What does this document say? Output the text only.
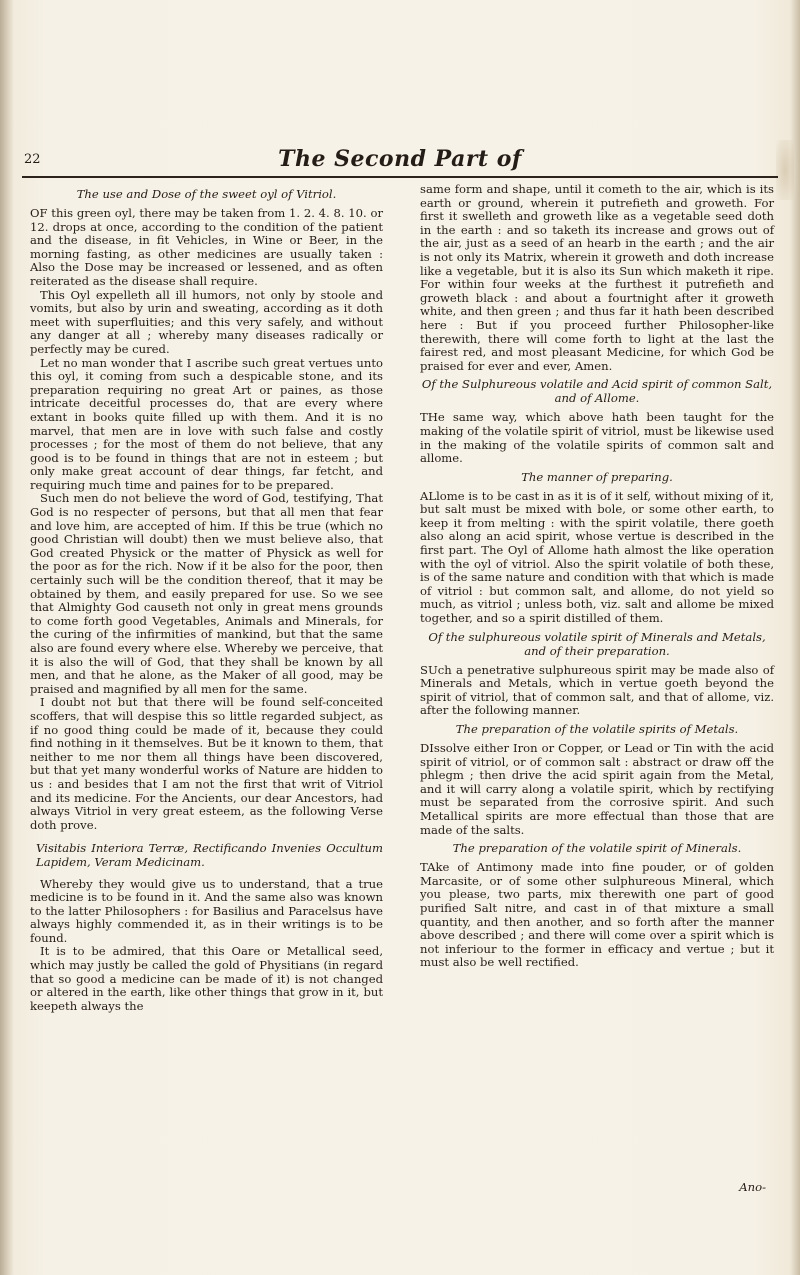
22	The Second Part of
The use and Dose of the sweet oyl of Vitriol.

OF this green oyl, there may be taken from 1. 2. 4. 8. 10. or 12. drops at once, according to the condition of the patient and the disease, in fit Vehicles, in Wine or Beer, in the morning fasting, as other medicines are usually taken : Also the Dose may be increased or lessened, and as often reiterated as the disease shall require.

This Oyl expelleth all ill humors, not only by stoole and vomits, but also by urin and sweating, according as it doth meet with superfluities; and this very safely, and without any danger at all ; whereby many diseases radically or perfectly may be cured.

Let no man wonder that I ascribe such great vertues unto this oyl, it coming from such a despicable stone, and its preparation requiring no great Art or paines, as those intricate deceitful processes do, that are every where extant in books quite filled up with them. And it is no marvel, that men are in love with such false and costly processes ; for the most of them do not believe, that any good is to be found in things that are not in esteem ; but only make great account of dear things, far fetcht, and requiring much time and paines for to be prepared.

Such men do not believe the word of God, testifying, That God is no respecter of persons, but that all men that fear and love him, are accepted of him. If this be true (which no good Christian will doubt) then we must believe also, that God created Physick or the matter of Physick as well for the poor as for the rich. Now if it be also for the poor, then certainly such will be the condition thereof, that it may be obtained by them, and easily prepared for use. So we see that Almighty God causeth not only in great mens grounds to come forth good Vegetables, Animals and Minerals, for the curing of the infirmities of mankind, but that the same also are found every where else. Whereby we perceive, that it is also the will of God, that they shall be known by all men, and that he alone, as the Maker of all good, may be praised and magnified by all men for the same.

I doubt not but that there will be found self-conceited scoffers, that will despise this so little regarded subject, as if no good thing could be made of it, because they could find nothing in it themselves. But be it known to them, that neither to me nor them all things have been discovered, but that yet many wonderful works of Nature are hidden to us : and besides that I am not the first that writ of Vitriol and its medicine. For the Ancients, our dear Ancestors, had always Vitriol in very great esteem, as the following Verse doth prove.

Visitabis Interiora Terræ, Rectificando Invenies Occultum Lapidem, Veram Medicinam.

Whereby they would give us to understand, that a true medicine is to be found in it. And the same also was known to the latter Philosophers : for Basilius and Paracelsus have always highly commended it, as in their writings is to be found.

It is to be admired, that this Oare or Metallical seed, which may justly be called the gold of Physitians (in regard that so good a medicine can be made of it) is not changed or altered in the earth, like other things that grow in it, but keepeth always the

same form and shape, until it cometh to the air, which is its earth or ground, wherein it putrefieth and groweth. For first it swelleth and groweth like as a vegetable seed doth in the earth : and so taketh its increase and grows out of the air, just as a seed of an hearb in the earth ; and the air is not only its Matrix, wherein it groweth and doth increase like a vegetable, but it is also its Sun which maketh it ripe. For within four weeks at the furthest it putrefieth and groweth black : and about a fourtnight after it groweth white, and then green ; and thus far it hath been described here : But if you proceed further Philosopher-like therewith, there will come forth to light at the last the fairest red, and most pleasant Medicine, for which God be praised for ever and ever, Amen.

Of the Sulphureous volatile and Acid spirit of common Salt, and of Allome.

THe same way, which above hath been taught for the making of the volatile spirit of vitriol, must be likewise used in the making of the volatile spirits of common salt and allome.

The manner of preparing.

ALlome is to be cast in as it is of it self, without mixing of it, but salt must be mixed with bole, or some other earth, to keep it from melting : with the spirit volatile, there goeth also along an acid spirit, whose vertue is described in the first part. The Oyl of Allome hath almost the like operation with the oyl of vitriol. Also the spirit volatile of both these, is of the same nature and condition with that which is made of vitriol : but common salt, and allome, do not yield so much, as vitriol ; unless both, viz. salt and allome be mixed together, and so a spirit distilled of them.

Of the sulphureous volatile spirit of Minerals and Metals, and of their preparation.

SUch a penetrative sulphureous spirit may be made also of Minerals and Metals, which in vertue goeth beyond the spirit of vitriol, that of common salt, and that of allome, viz. after the following manner.

The preparation of the volatile spirits of Metals.

DIssolve either Iron or Copper, or Lead or Tin with the acid spirit of vitriol, or of common salt : abstract or draw off the phlegm ; then drive the acid spirit again from the Metal, and it will carry along a volatile spirit, which by rectifying must be separated from the corrosive spirit. And such Metallical spirits are more effectual than those that are made of the salts.

The preparation of the volatile spirit of Minerals.

TAke of Antimony made into fine pouder, or of golden Marcasite, or of some other sulphureous Mineral, which you please, two parts, mix therewith one part of good purified Salt nitre, and cast in of that mixture a small quantity, and then another, and so forth after the manner above described ; and there will come over a spirit which is not inferiour to the former in efficacy and vertue ; but it must also be well rectified.

Ano-
